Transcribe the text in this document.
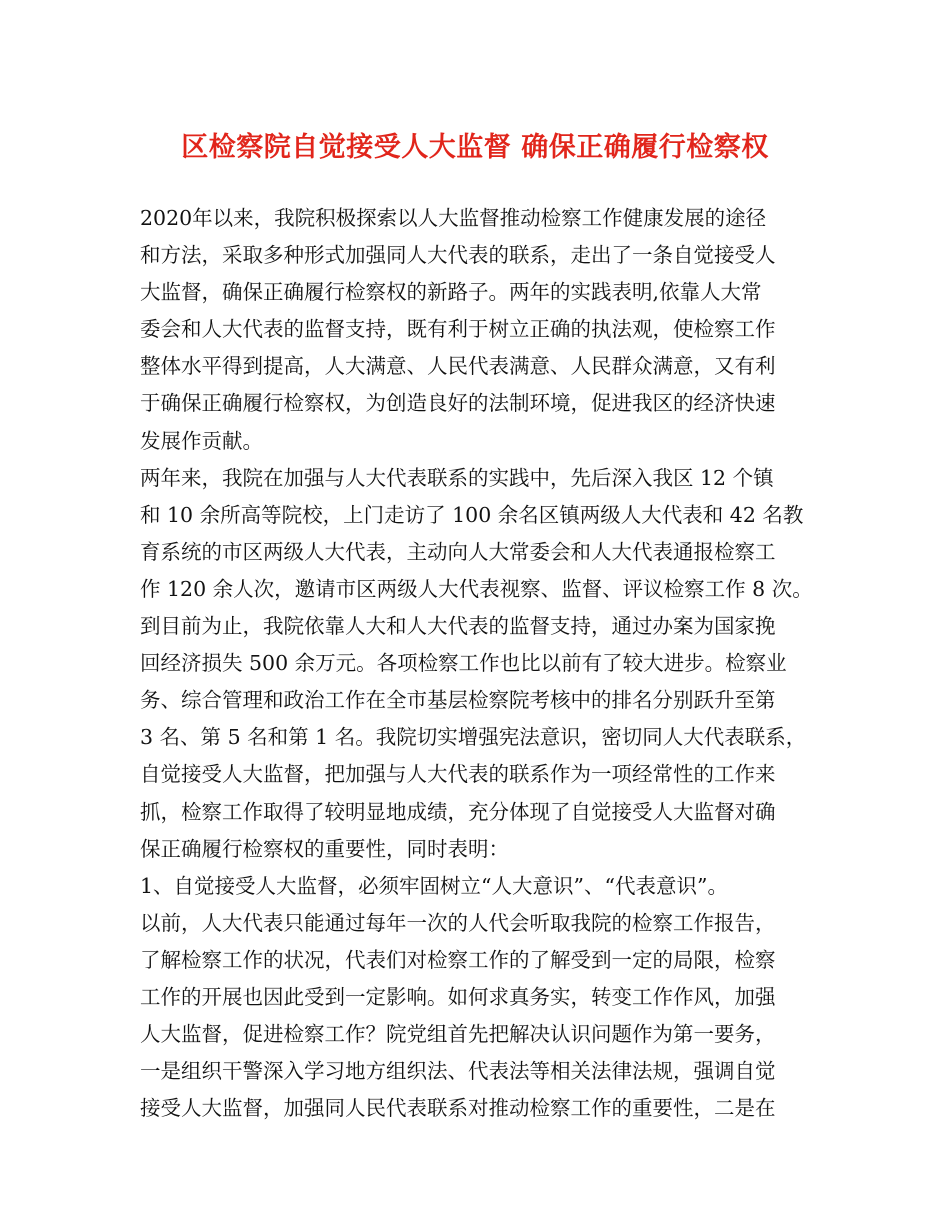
区检察院自觉接受人大监督 确保正确履行检察权
2020年以来，我院积极探索以人大监督推动检察工作健康发展的途径
和方法，采取多种形式加强同人大代表的联系，走出了一条自觉接受人
大监督，确保正确履行检察权的新路子。两年的实践表明,依靠人大常
委会和人大代表的监督支持，既有利于树立正确的执法观，使检察工作
整体水平得到提高，人大满意、人民代表满意、人民群众满意，又有利
于确保正确履行检察权，为创造良好的法制环境，促进我区的经济快速
发展作贡献。
两年来，我院在加强与人大代表联系的实践中，先后深入我区 12 个镇
和 10 余所高等院校，上门走访了 100 余名区镇两级人大代表和 42 名教
育系统的市区两级人大代表，主动向人大常委会和人大代表通报检察工
作 120 余人次，邀请市区两级人大代表视察、监督、评议检察工作 8 次。
到目前为止，我院依靠人大和人大代表的监督支持，通过办案为国家挽
回经济损失 500 余万元。各项检察工作也比以前有了较大进步。检察业
务、综合管理和政治工作在全市基层检察院考核中的排名分别跃升至第
3 名、第 5 名和第 1 名。我院切实增强宪法意识，密切同人大代表联系，
自觉接受人大监督，把加强与人大代表的联系作为一项经常性的工作来
抓，检察工作取得了较明显地成绩，充分体现了自觉接受人大监督对确
保正确履行检察权的重要性，同时表明：
1、自觉接受人大监督，必须牢固树立“人大意识”、“代表意识”。
以前，人大代表只能通过每年一次的人代会听取我院的检察工作报告，
了解检察工作的状况，代表们对检察工作的了解受到一定的局限，检察
工作的开展也因此受到一定影响。如何求真务实，转变工作作风，加强
人大监督，促进检察工作？院党组首先把解决认识问题作为第一要务，
一是组织干警深入学习地方组织法、代表法等相关法律法规，强调自觉
接受人大监督，加强同人民代表联系对推动检察工作的重要性，二是在
